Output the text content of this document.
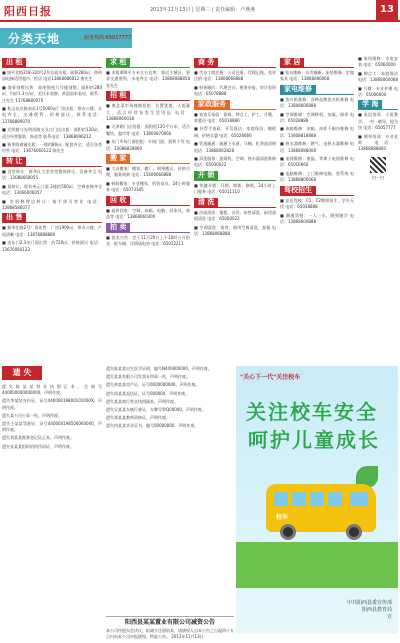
阳西日报	2013年11月13日 | 星期三 | 责任编辑：卢燕燕	13
分类天地	服务热线:65017777
出 租
■ 康平北路218-320号2层店面出租：面积260㎡，带两部电梯适用超市、饭店 电话13868086012 唐先生
■ 海景别墅出售：商座锦苑九号楼别墅，面积约280㎡，均价1.3万/㎡，毛坯未装修，欢迎前来看房，联系：庄先生 13768880070
■ 私山东京路南东1号5000㎡厂房出租：带办公楼、水电齐全，交通便利，价格面议。联系电话：13768889070
■ 光明路与光明西路交叉口门店出租：面积约120㎡，适合经营服装、饰品等 联系电话：13868096212
■ 新华路商铺出租：一楼约80㎡，配套齐全，适合各类经营 电话：13676060122 陈先生
转 让
■ 食堂转让：新华区大型食堂整体转让，设备齐全 电话：13088668055
■ 某转让，现有单元门面 2楼约500㎡，空调电梯齐全 电话：13066006057
■ 农机修理店转让：接手即可营业 电话：13868586077
出 售
■ 新华北路2号厂房出售：厂房1900㎡，带办公楼，产权清晰 电话：13876888880
■ 由东门2.3米门面出售：约720㎡，价格面议 电话：13676060122
求 租
■ 求租400平方米左右仓库：靠近主城区，要求交通便利，水电齐全 电话：13808088858 张先生
招 租
■ 康北菜市场商铺招租：位置优越，人流量大，适合经营各类生活用品 电话：13868060018
■ 天津路门店招租：面积约120平方米，适合餐饮、超市等 电话：13800870066
■ 东门市场门面招租：多间门面，面积不等 电话：13088828800
搬 家
■ 大众搬家：搬家、搬厂、钢琴搬运，价格合理，服务周到 电话：15606666888
■ 蚂蚁搬家：专业搬家、拆装家具，24小时服务 电话：65073345
回 收
■ 高价回收：空调、冰箱、电脑、旧家具、废品等 电话：13868060300
拍 卖
■ 拍卖公告：定于11月20日上午10时公开拍卖一批车辆，详情请电询 电话：65012211
商 务
■ 代办工商注册：公司注册、代理记账、变更注销 电话：13808668888
■ 财务顾问：代理会计、税务申报、审计验资 电话：65078888
家政服务
■ 家家乐家政：保姆、钟点工、护工、月嫂、育婴员 电话：65018886
■ 好帮手家政：开荒保洁、家庭保洁、擦玻璃，价格实惠 电话：65026666
■ 管道疏通：疏通下水道、马桶、化粪池清理 电话：13868062828
■ 清洗服务：油烟机、空调、热水器清洗维修 电话：65030022
开 锁
■ 快捷开锁：开锁、换锁、修锁，24小时上门服务 电话：65011110
清 洗
■ 洁丽清洗：地毯、沙发、床垫清洗，厨房油烟清洗 电话：65000022
■ 空调清洗：家用、商用空调清洗、加氟 电话：13868068888
家 居
■ 家具维修：沙发翻新、床垫维修、定做家具 电话：13868086068
家电维修
■ 洗衣机维修：各种品牌洗衣机维修 电话：13808606888
■ 空调维修：空调移机、加氟、保养 电话：65028888
■ 冰箱维修：冰箱、冰柜不制冷维修 电话：13808818888
■ 热水器维修：燃气、电热水器维修 电话：13868088008
■ 电视维修：液晶、等离子电视维修 电话：65016666
■ 电脑维修：上门维修电脑、装系统 电话：13868806668
驾校招生
■ 安达驾校：C1、C2牌照招生，学车无忧 电话：65038888
■ 顺通驾校：一人一车，随到随学 电话：13868600888
■ 家用维修：水电安装 电话：65060000
■ 钟点工：家庭保洁 电话：13868060088
■ 月嫂：专业护理 电话：65006600
学 海
■ 英语培训：小班教学、一对一辅导，提分快 电话：65057777
■ 钢琴培训：专业老师 电话：13868688800
扫一扫
遗 失
遗失陈某某营业执照正本，注册号440000000000000，声明作废。
遗失李某某身份证，证号44000019800101000X，声明作废。
遗失某公司公章一枚，声明作废。
遗失王某某驾驶证，证号440000198506060000，声明作废。
遗失刘某某税务登记证正本，声明作废。
遗失张某某组织机构代码证，声明作废。
遗失陈某某出生医学证明，编号N440000000，声明作废。
遗失某某有限公司发票专用章一枚，声明作废。
遗失黄某某房产证，证号0000000000，声明作废。
遗失周某某退伍证，证号000000，声明作废。
遗失某某商行营业执照副本，声明作废。
遗失吴某某车辆行驶证，车牌号粤Q00000，声明作废。
遗失郑某某教师资格证，声明作废。
遗失何某某毕业证书，编号00000000，声明作废。
阳西县某某置业有限公司减资公告
本公司经股东会决议，拟减少注册资本，请债权人自本公告之日起四十五日内向本公司申报债权。特此公告。 2013年11月13日
"关心下一代"关注校车
关注校车安全
呵护儿童成长
校车
中共阳西县委宣传部
阳西县教育局
宣
